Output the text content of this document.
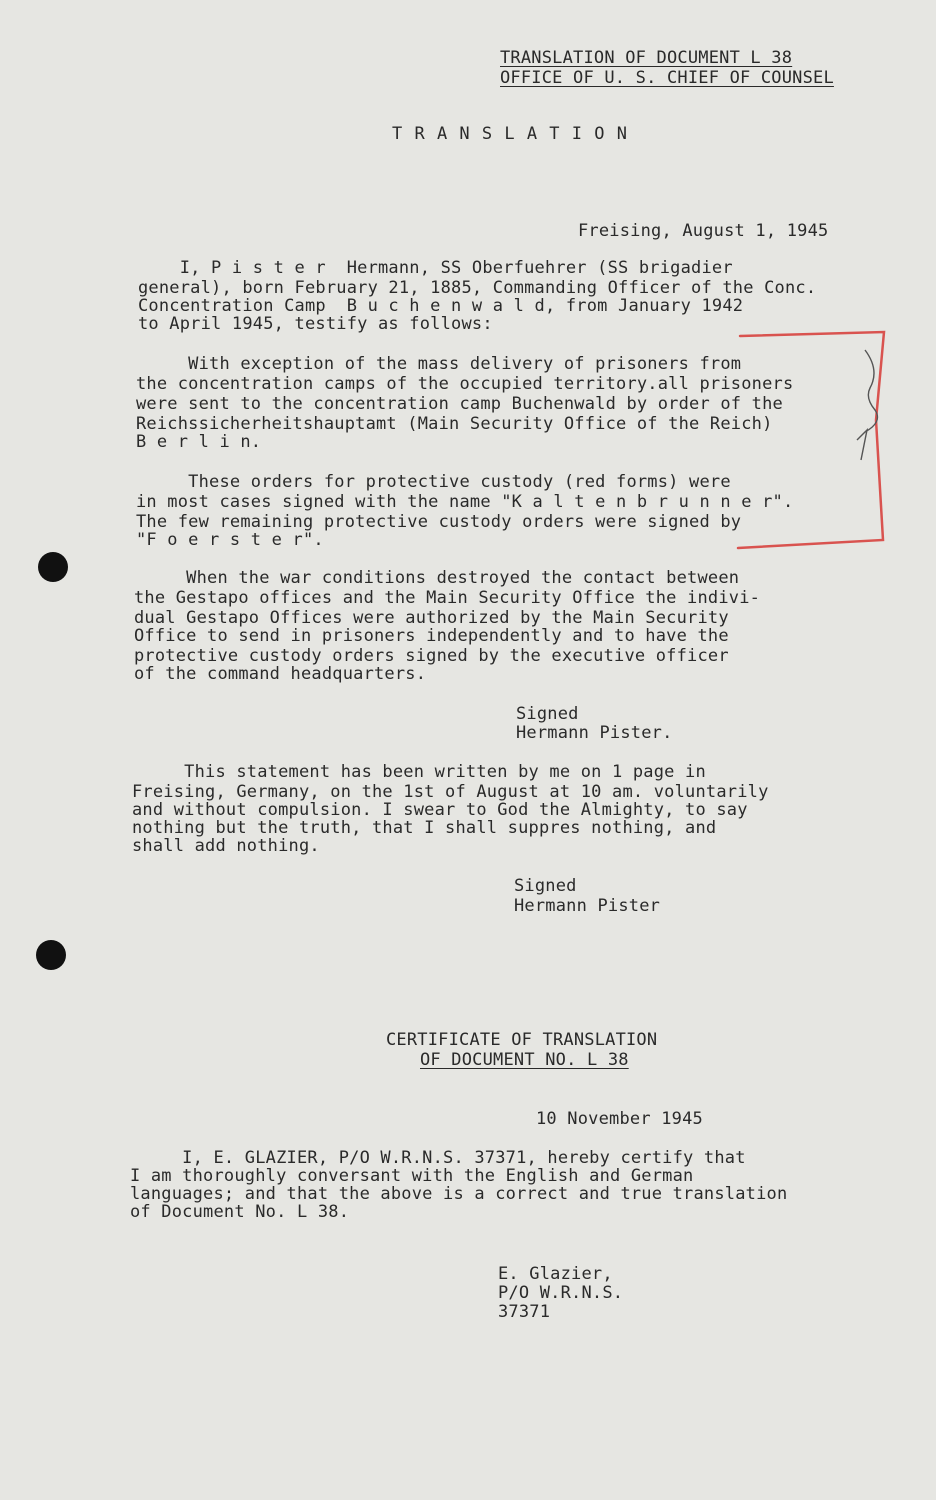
TRANSLATION OF DOCUMENT L 38
OFFICE OF U. S. CHIEF OF COUNSEL
T R A N S L A T I O N
Freising, August 1, 1945
I, P i s t e r  Hermann, SS Oberfuehrer (SS brigadier
general), born February 21, 1885, Commanding Officer of the Conc.
Concentration Camp  B u c h e n w a l d, from January 1942
to April 1945, testify as follows:
With exception of the mass delivery of prisoners from
the concentration camps of the occupied territory.all prisoners
were sent to the concentration camp Buchenwald by order of the
Reichssicherheitshauptamt (Main Security Office of the Reich)
B e r l i n.
These orders for protective custody (red forms) were
in most cases signed with the name "K a l t e n b r u n n e r".
The few remaining protective custody orders were signed by
"F o e r s t e r".
When the war conditions destroyed the contact between
the Gestapo offices and the Main Security Office the indivi-
dual Gestapo Offices were authorized by the Main Security
Office to send in prisoners independently and to have the
protective custody orders signed by the executive officer
of the command headquarters.
Signed
Hermann Pister.
This statement has been written by me on 1 page in
Freising, Germany, on the 1st of August at 10 am. voluntarily
and without compulsion. I swear to God the Almighty, to say
nothing but the truth, that I shall suppres nothing, and
shall add nothing.
Signed
Hermann Pister
CERTIFICATE OF TRANSLATION
OF DOCUMENT NO. L 38
10 November 1945
I, E. GLAZIER, P/O W.R.N.S. 37371, hereby certify that
I am thoroughly conversant with the English and German
languages; and that the above is a correct and true translation
of Document No. L 38.
E. Glazier,
P/O W.R.N.S.
37371
